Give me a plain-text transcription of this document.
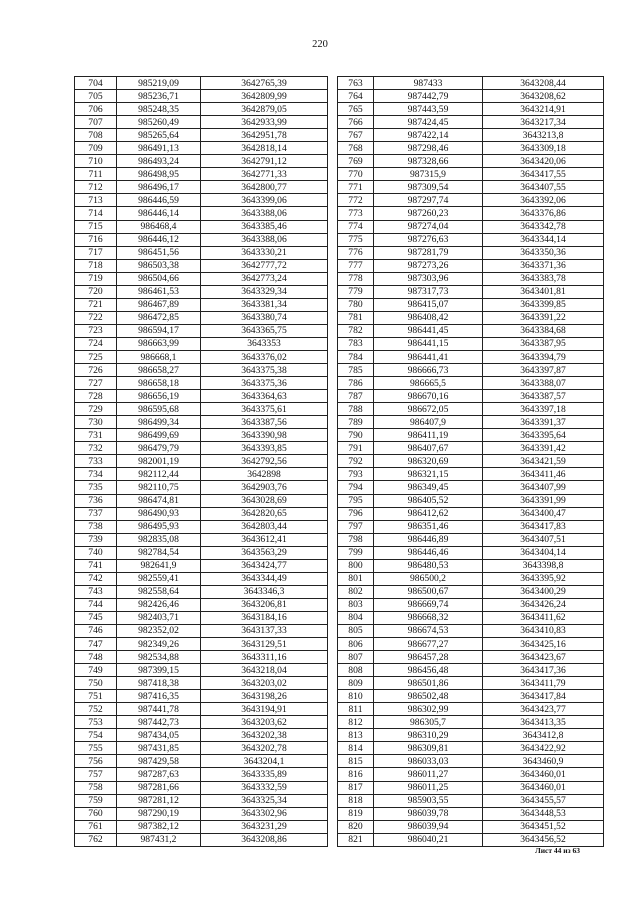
220
704	985219,09	3642765,39
705	985236,71	3642809,99
706	985248,35	3642879,05
707	985260,49	3642933,99
708	985265,64	3642951,78
709	986491,13	3642818,14
710	986493,24	3642791,12
711	986498,95	3642771,33
712	986496,17	3642800,77
713	986446,59	3643399,06
714	986446,14	3643388,06
715	986468,4	3643385,46
716	986446,12	3643388,06
717	986451,56	3643330,21
718	986503,38	3642777,72
719	986504,66	3642773,24
720	986461,53	3643329,34
721	986467,89	3643381,34
722	986472,85	3643380,74
723	986594,17	3643365,75
724	986663,99	3643353
725	986668,1	3643376,02
726	986658,27	3643375,38
727	986658,18	3643375,36
728	986656,19	3643364,63
729	986595,68	3643375,61
730	986499,34	3643387,56
731	986499,69	3643390,98
732	986479,79	3643393,85
733	982001,19	3642792,56
734	982112,44	3642898
735	982110,75	3642903,76
736	986474,81	3643028,69
737	986490,93	3642820,65
738	986495,93	3642803,44
739	982835,08	3643612,41
740	982784,54	3643563,29
741	982641,9	3643424,77
742	982559,41	3643344,49
743	982558,64	3643346,3
744	982426,46	3643206,81
745	982403,71	3643184,16
746	982352,02	3643137,33
747	982349,26	3643129,51
748	982534,88	3643311,16
749	987399,15	3643218,04
750	987418,38	3643203,02
751	987416,35	3643198,26
752	987441,78	3643194,91
753	987442,73	3643203,62
754	987434,05	3643202,38
755	987431,85	3643202,78
756	987429,58	3643204,1
757	987287,63	3643335,89
758	987281,66	3643332,59
759	987281,12	3643325,34
760	987290,19	3643302,96
761	987382,12	3643231,29
762	987431,2	3643208,86
763	987433	3643208,44
764	987442,79	3643208,62
765	987443,59	3643214,91
766	987424,45	3643217,34
767	987422,14	3643213,8
768	987298,46	3643309,18
769	987328,66	3643420,06
770	987315,9	3643417,55
771	987309,54	3643407,55
772	987297,74	3643392,06
773	987260,23	3643376,86
774	987274,04	3643342,78
775	987276,63	3643344,14
776	987281,79	3643350,36
777	987273,26	3643371,36
778	987303,96	3643383,78
779	987317,73	3643401,81
780	986415,07	3643399,85
781	986408,42	3643391,22
782	986441,45	3643384,68
783	986441,15	3643387,95
784	986441,41	3643394,79
785	986666,73	3643397,87
786	986665,5	3643388,07
787	986670,16	3643387,57
788	986672,05	3643397,18
789	986407,9	3643391,37
790	986411,19	3643395,64
791	986407,67	3643391,42
792	986320,69	3643421,59
793	986321,15	3643411,46
794	986349,45	3643407,99
795	986405,52	3643391,99
796	986412,62	3643400,47
797	986351,46	3643417,83
798	986446,89	3643407,51
799	986446,46	3643404,14
800	986480,53	3643398,8
801	986500,2	3643395,92
802	986500,67	3643400,29
803	986669,74	3643426,24
804	986668,32	3643411,62
805	986674,53	3643410,83
806	986677,27	3643425,16
807	986457,28	3643423,67
808	986456,48	3643417,36
809	986501,86	3643411,79
810	986502,48	3643417,84
811	986302,99	3643423,77
812	986305,7	3643413,35
813	986310,29	3643412,8
814	986309,81	3643422,92
815	986033,03	3643460,9
816	986011,27	3643460,01
817	986011,25	3643460,01
818	985903,55	3643455,57
819	986039,78	3643448,53
820	986039,94	3643451,52
821	986040,21	3643456,52
Лист 44 из 63
